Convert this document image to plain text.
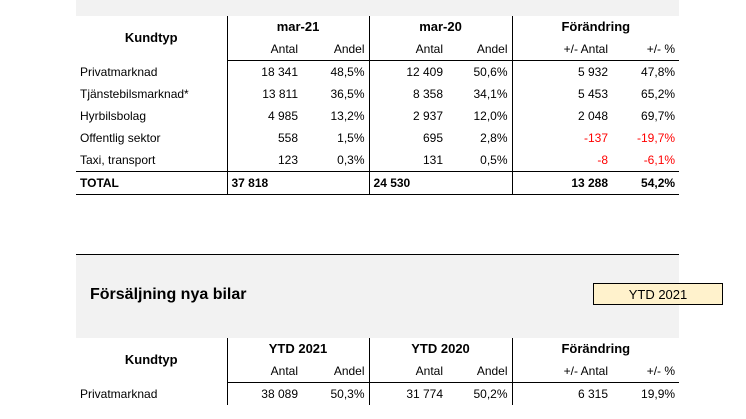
Kundtyp	mar-21		mar-20		Förändring	
	Antal	Andel	Antal	Andel	+/- Antal	+/- %
Privatmarknad	18 341	48,5%	12 409	50,6%	5 932	47,8%
Tjänstebilsmarknad*	13 811	36,5%	8 358	34,1%	5 453	65,2%
Hyrbilsbolag	4 985	13,2%	2 937	12,0%	2 048	69,7%
Offentlig sektor	558	1,5%	695	2,8%	-137	-19,7%
Taxi, transport	123	0,3%	131	0,5%	-8	-6,1%
TOTAL	37 818		24 530		13 288	54,2%
Försäljning nya bilar	YTD 2021
Kundtyp	YTD 2021		YTD 2020		Förändring	
	Antal	Andel	Antal	Andel	+/- Antal	+/- %
Privatmarknad	38 089	50,3%	31 774	50,2%	6 315	19,9%
